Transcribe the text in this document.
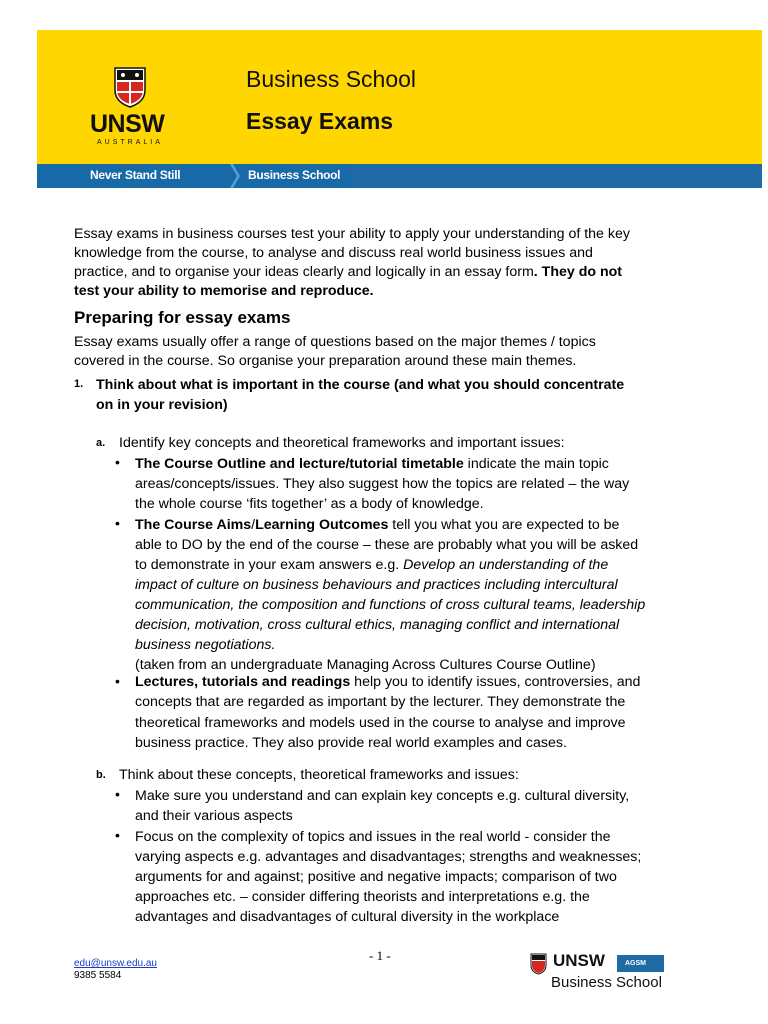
UNSW
AUSTRALIA
Business School
Essay Exams
Never Stand Still	Business School
Essay exams in business courses test your ability to apply your understanding of the key
knowledge from the course, to analyse and discuss real world business issues and
practice, and to organise your ideas clearly and logically in an essay form. They do not
test your ability to memorise and reproduce.
Preparing for essay exams
Essay exams usually offer a range of questions based on the major themes / topics
covered in the course. So organise your preparation around these main themes.
1. Think about what is important in the course (and what you should concentrate
on in your revision)
a. Identify key concepts and theoretical frameworks and important issues:
• The Course Outline and lecture/tutorial timetable indicate the main topic
areas/concepts/issues. They also suggest how the topics are related – the way
the whole course ‘fits together’ as a body of knowledge.
• The Course Aims/Learning Outcomes tell you what you are expected to be
able to DO by the end of the course – these are probably what you will be asked
to demonstrate in your exam answers e.g. Develop an understanding of the
impact of culture on business behaviours and practices including intercultural
communication, the composition and functions of cross cultural teams, leadership
decision, motivation, cross cultural ethics, managing conflict and international
business negotiations.
(taken from an undergraduate Managing Across Cultures Course Outline)
• Lectures, tutorials and readings help you to identify issues, controversies, and
concepts that are regarded as important by the lecturer. They demonstrate the
theoretical frameworks and models used in the course to analyse and improve
business practice. They also provide real world examples and cases.
b. Think about these concepts, theoretical frameworks and issues:
• Make sure you understand and can explain key concepts e.g. cultural diversity,
and their various aspects
• Focus on the complexity of topics and issues in the real world - consider the
varying aspects e.g. advantages and disadvantages; strengths and weaknesses;
arguments for and against; positive and negative impacts; comparison of two
approaches etc. – consider differing theorists and interpretations e.g. the
advantages and disadvantages of cultural diversity in the workplace
- 1 -
edu@unsw.edu.au
9385 5584
UNSW	AGSM
Business School
